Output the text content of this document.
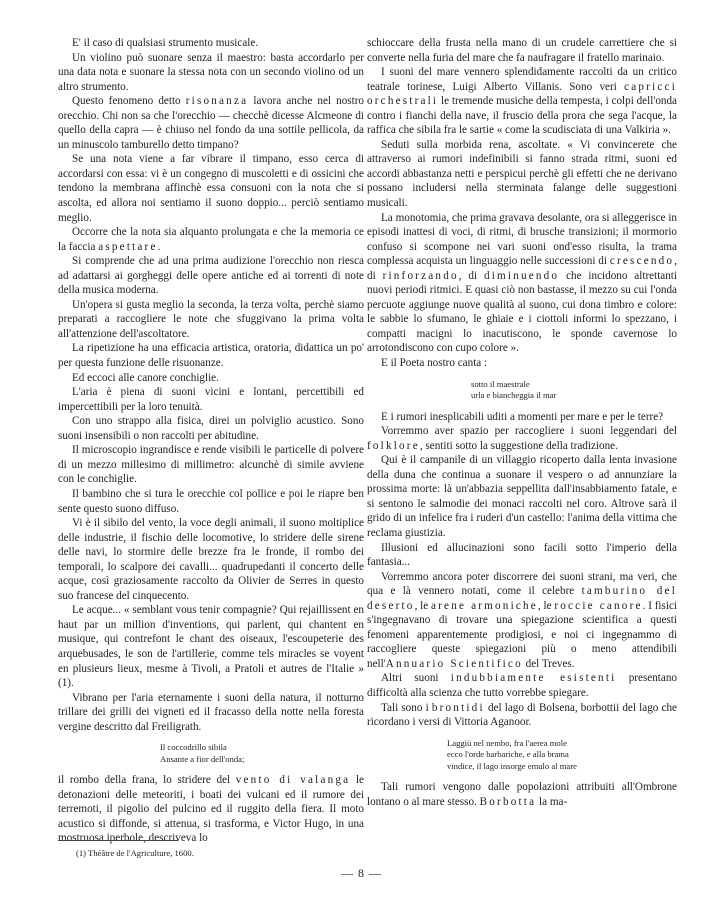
E' il caso di qualsiasi strumento musicale.

Un violino può suonare senza il maestro: basta accordarlo per una data nota e suonare la stessa nota con un secondo violino od un altro strumento.

Questo fenomeno detto risonanza lavora anche nel nostro orecchio. Chi non sa che l'orecchio — checchè dicesse Alcmeone di quello della capra — è chiuso nel fondo da una sottile pellicola, da un minuscolo tamburello detto timpano?

Se una nota viene a far vibrare il timpano, esso cerca di accordarsi con essa: vi è un congegno di muscoletti e di ossicini che tendono la membrana affinchè essa consuoni con la nota che si ascolta, ed allora noi sentiamo il suono doppio... perciò sentiamo meglio.

Occorre che la nota sia alquanto prolungata e che la memoria ce la faccia aspettare.

Si comprende che ad una prima audizione l'orecchio non riesca ad adattarsi ai gorgheggi delle opere antiche ed ai torrenti di note della musica moderna.

Un'opera si gusta meglio la seconda, la terza volta, perchè siamo preparati a raccogliere le note che sfuggivano la prima volta all'attenzione dell'ascoltatore.

La ripetizione ha una efficacia artistica, oratoria, didattica un po' per questa funzione delle risuonanze.

Ed eccoci alle canore conchiglie.

L'aria è piena di suoni vicini e lontani, percettibili ed impercettibili per la loro tenuità.

Con uno strappo alla fisica, direi un polviglio acustico. Sono suoni insensibili o non raccolti per abitudine.

Il microscopio ingrandisce e rende visibili le particelle di polvere di un mezzo millesimo di millimetro: alcunchè di simile avviene con le conchiglie.

Il bambino che si tura le orecchie col pollice e poi le riapre ben sente questo suono diffuso.

Vi è il sibilo del vento, la voce degli animali, il suono moltiplice delle industrie, il fischio delle locomotive, lo stridere delle sirene delle navi, lo stormire delle brezze fra le fronde, il rombo dei temporali, lo scalpore dei cavalli... quadrupedanti il concerto delle acque, così graziosamente raccolto da Olivier de Serres in questo suo francese del cinquecento.

Le acque... « semblant vous tenir compagnie? Qui rejaillissent en haut par un million d'inventions, qui parlent, qui chantent en musique, qui contrefont le chant des oiseaux, l'escoupeterie des arquebusades, le son de l'artillerie, comme tels miracles se voyent en plusieurs lieux, mesme à Tivoli, a Pratoli et autres de l'Italie » (1).

Vibrano per l'aria eternamente i suoni della natura, il notturno trillare dei grilli dei vigneti ed il fracasso della notte nella foresta vergine descritto dal Freiligrath.

Il coccodrillo sibila
Ansante a fior dell'onda;

il rombo della frana, lo stridere del vento di valanga le detonazioni delle meteoriti, i boati dei vulcani ed il rumore dei terremoti, il pigolio del pulcino ed il ruggito della fiera. Il moto acustico si diffonde, si attenua, si trasforma, e Victor Hugo, in una mostruosa iperbole, descriveva lo

schioccare della frusta nella mano di un crudele carrettiere che si converte nella furia del mare che fa naufragare il fratello marinaio.

I suoni del mare vennero splendidamente raccolti da un critico teatrale torinese, Luigi Alberto Villanis. Sono veri capricci orchestrali le tremende musiche della tempesta, i colpi dell'onda contro i fianchi della nave, il fruscio della prora che sega l'acque, la raffica che sibila fra le sartie « come la scudisciata di una Valkiria ».

Seduti sulla morbida rena, ascoltate. « Vi convincerete che attraverso ai rumori indefinibili si fanno strada ritmi, suoni ed accordi abbastanza netti e perspicui perchè gli effetti che ne derivano possano includersi nella sterminata falange delle suggestioni musicali.

La monotomia, che prima gravava desolante, ora si alleggerisce in episodi inattesi di voci, di ritmi, di brusche transizioni; il mormorio confuso si scompone nei vari suoni ond'esso risulta, la trama complessa acquista un linguaggio nelle successioni di crescendo, di rinforzando, di diminuendo che incidono altrettanti nuovi periodi ritmici. E quasi ciò non bastasse, il mezzo su cui l'onda percuote aggiunge nuove qualità al suono, cui dona timbro e colore: le sabbie lo sfumano, le ghiaie e i ciottoli informi lo spezzano, i compatti macigni lo inacutiscono, le sponde cavernose lo arrotondiscono con cupo colore ».

E il Poeta nostro canta :

sotto il maestrale
urla e biancheggia il mar

E i rumori inesplicabili uditi a momenti per mare e per le terre?

Vorremmo aver spazio per raccogliere i suoni leggendari del folklore, sentiti sotto la suggestione della tradizione.

Qui è il campanile di un villaggio ricoperto dalla lenta invasione della duna che continua a suonare il vespero o ad annunziare la prossima morte: là un'abbazia seppellita dall'insabbiamento fatale, e si sentono le salmodie dei monaci raccolti nel coro. Altrove sarà il grido di un infelice fra i ruderi d'un castello: l'anima della vittima che reclama giustizia.

Illusioni ed allucinazioni sono facili sotto l'imperio della fantasia...

Vorremmo ancora poter discorrere dei suoni strani, ma veri, che qua e là vennero notati, come il celebre tamburino del deserto, le arene armoniche, le roccie canore. I fisici s'ingegnavano di trovare una spiegazione scientifica a questi fenomeni apparentemente prodigiosi, e noi ci ingegnammo di raccogliere queste spiegazioni più o meno attendibili nell'Annuario Scientifico del Treves.

Altri suoni indubbiamente esistenti presentano difficoltà alla scienza che tutto vorrebbe spiegare.

Tali sono i brontidi del lago di Bolsena, borbottii del lago che ricordano i versi di Vittoria Aganoor.

Laggiù nel nembo, fra l'aerea mole
ecco l'orde barbariche, e alla brama
vindice, il lago insorge emulo al mare

Tali rumori vengono dalle popolazioni attribuiti all'Ombrone lontano o al mare stesso. Borbotta la ma-

(1) Théâtre de l'Agriculture, 1600.
— 8 —
